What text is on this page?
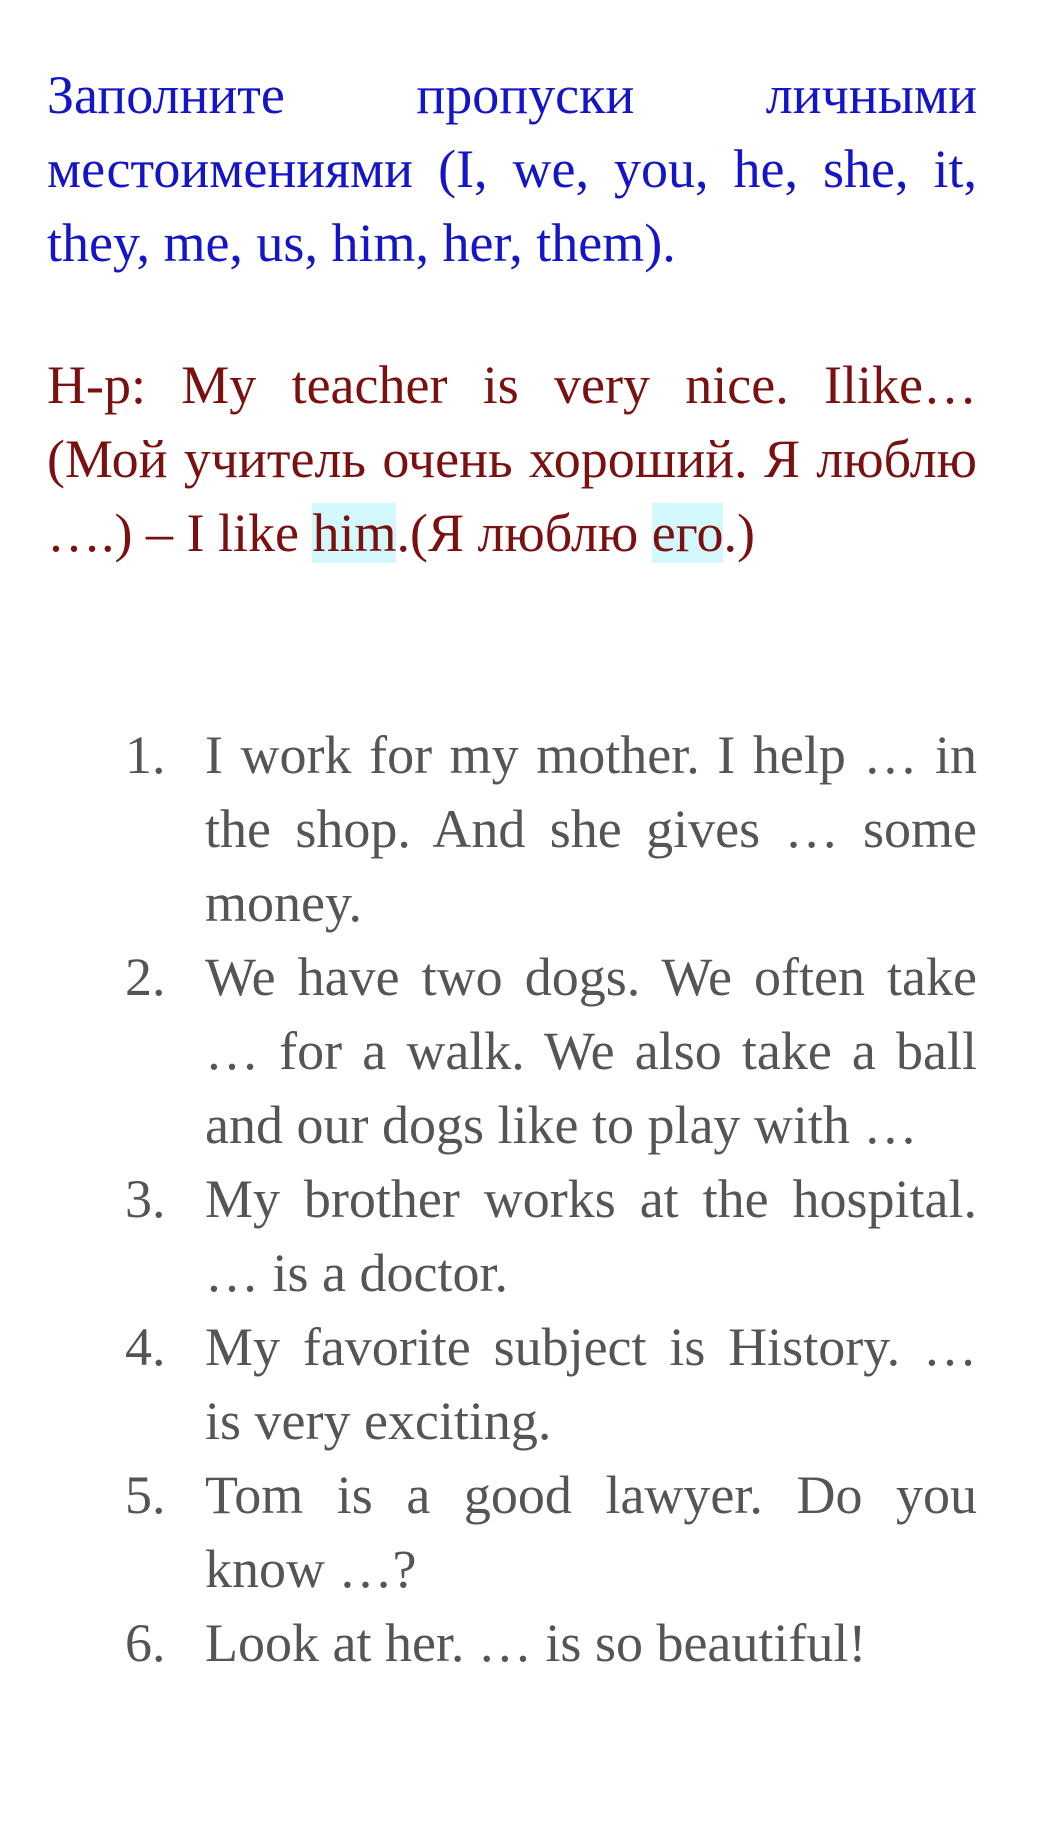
Заполните пропуски личными местоимениями (I, we, you, he, she, it, they, me, us, him, her, them).

Н-р: My teacher is very nice. Ilike… (Мой учитель очень хороший. Я люблю ….) – I like him.(Я люблю его.)

1. I work for my mother. I help … in the shop. And she gives … some money.
2. We have two dogs. We often take … for a walk. We also take a ball and our dogs like to play with …
3. My brother works at the hospital. … is a doctor.
4. My favorite subject is History. … is very exciting.
5. Tom is a good lawyer. Do you know …?
6. Look at her. … is so beautiful!
